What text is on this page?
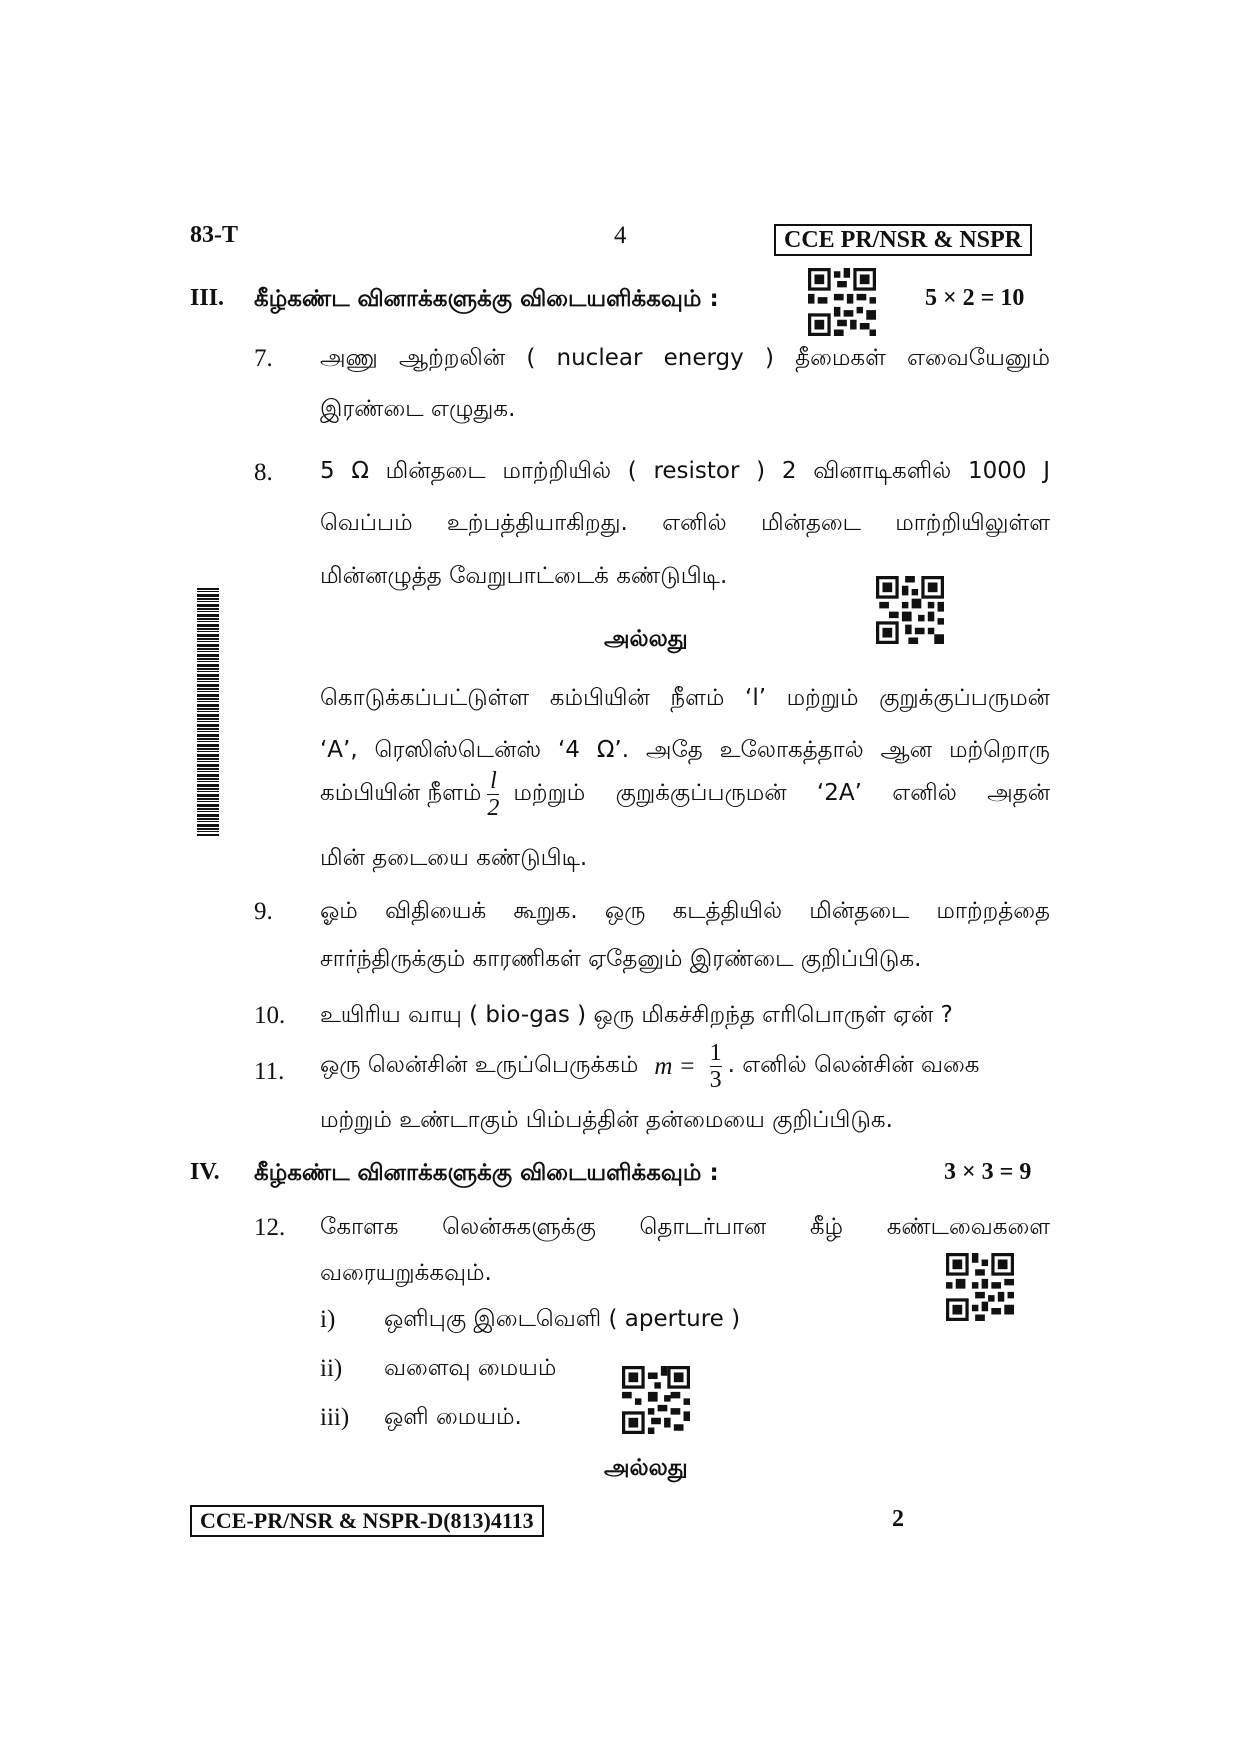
83-T	4	CCE PR/NSR & NSPR
III. கீழ்கண்ட வினாக்களுக்கு விடையளிக்கவும் :	5 × 2 = 10
7. அணு ஆற்றலின் ( nuclear energy ) தீமைகள் எவையேனும்
இரண்டை எழுதுக.
8. 5 Ω மின்தடை மாற்றியில் ( resistor ) 2 வினாடிகளில் 1000 J
வெப்பம் உற்பத்தியாகிறது. எனில் மின்தடை மாற்றியிலுள்ள
மின்னழுத்த வேறுபாட்டைக் கண்டுபிடி.
அல்லது
கொடுக்கப்பட்டுள்ள கம்பியின் நீளம் ‘l’ மற்றும் குறுக்குப்பருமன்
‘A’, ரெஸிஸ்டென்ஸ் ‘4 Ω’. அதே உலோகத்தால் ஆன மற்றொரு
கம்பியின் நீளம் $\frac{l}{2}$ மற்றும் குறுக்குப்பருமன் ‘2A’ எனில் அதன்
மின் தடையை கண்டுபிடி.
9. ஓம் விதியைக் கூறுக. ஒரு கடத்தியில் மின்தடை மாற்றத்தை
சார்ந்திருக்கும் காரணிகள் ஏதேனும் இரண்டை குறிப்பிடுக.
10. உயிரிய வாயு ( bio-gas ) ஒரு மிகச்சிறந்த எரிபொருள் ஏன் ?
11. ஒரு லென்சின் உருப்பெருக்கம் $m = \frac{1}{3}$ . எனில் லென்சின் வகை
மற்றும் உண்டாகும் பிம்பத்தின் தன்மையை குறிப்பிடுக.
IV. கீழ்கண்ட வினாக்களுக்கு விடையளிக்கவும் :	3 × 3 = 9
12. கோளக லென்சுகளுக்கு தொடர்பான கீழ் கண்டவைகளை
வரையறுக்கவும்.
i) ஒளிபுகு இடைவெளி ( aperture )
ii) வளைவு மையம்
iii) ஒளி மையம்.
அல்லது
CCE-PR/NSR & NSPR-D(813)4113	2
